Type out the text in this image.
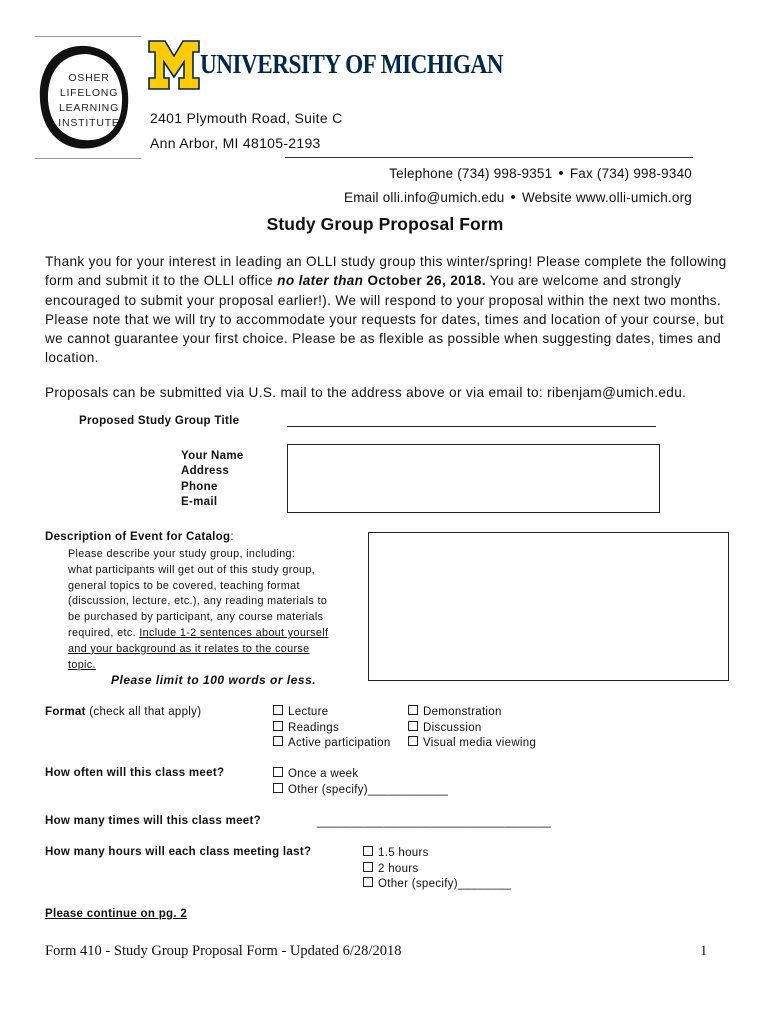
OSHER
LIFELONG
LEARNING
INSTITUTE
UNIVERSITY OF MICHIGAN
2401 Plymouth Road, Suite C
Ann Arbor, MI 48105-2193
Telephone (734) 998-9351 • Fax (734) 998-9340
Email olli.info@umich.edu • Website www.olli-umich.org
Study Group Proposal Form
Thank you for your interest in leading an OLLI study group this winter/spring! Please complete the following form and submit it to the OLLI office no later than October 26, 2018. You are welcome and strongly encouraged to submit your proposal earlier!). We will respond to your proposal within the next two months. Please note that we will try to accommodate your requests for dates, times and location of your course, but we cannot guarantee your first choice. Please be as flexible as possible when suggesting dates, times and location.
Proposals can be submitted via U.S. mail to the address above or via email to: ribenjam@umich.edu.
Proposed Study Group Title
Your Name
Address
Phone
E-mail
Description of Event for Catalog:
Please describe your study group, including:
what participants will get out of this study group,
general topics to be covered, teaching format
(discussion, lecture, etc.), any reading materials to
be purchased by participant, any course materials
required, etc. Include 1-2 sentences about yourself
and your background as it relates to the course
topic.
Please limit to 100 words or less.
Format (check all that apply)	Lecture
Readings
Active participation
Demonstration
Discussion
Visual media viewing
How often will this class meet?	Once a week
Other (specify)____________
How many times will this class meet?	___________________________________
How many hours will each class meeting last?	1.5 hours
2 hours
Other (specify)________
Please continue on pg. 2
Form 410 - Study Group Proposal Form - Updated 6/28/2018	1
